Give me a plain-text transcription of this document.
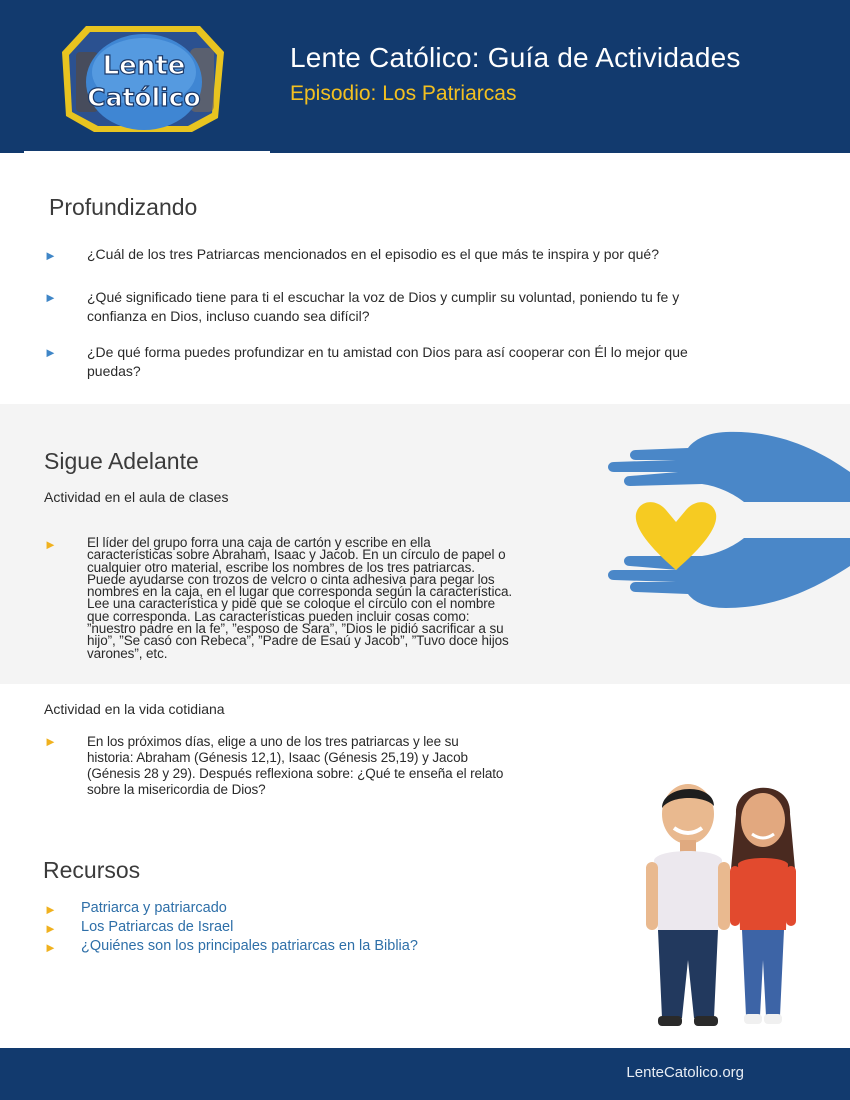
Lente
Católico
Lente Católico: Guía de Actividades
Episodio: Los Patriarcas
Profundizando
► ¿Cuál de los tres Patriarcas mencionados en el episodio es el que más te inspira y por qué?
► ¿Qué significado tiene para ti el escuchar la voz de Dios y cumplir su voluntad, poniendo tu fe y
confianza en Dios, incluso cuando sea difícil?
► ¿De qué forma puedes profundizar en tu amistad con Dios para así cooperar con Él lo mejor que
puedas?
Sigue Adelante
Actividad en el aula de clases
► El líder del grupo forra una caja de cartón y escribe en ella
características sobre Abraham, Isaac y Jacob. En un círculo de papel o
cualquier otro material, escribe los nombres de los tres patriarcas.
Puede ayudarse con trozos de velcro o cinta adhesiva para pegar los
nombres en la caja, en el lugar que corresponda según la característica.
Lee una característica y pide que se coloque el círculo con el nombre
que corresponda. Las características pueden incluir cosas como:
”nuestro padre en la fe”, ”esposo de Sara”, ”Dios le pidió sacrificar a su
hijo”, ”Se casó con Rebeca”, ”Padre de Esaú y Jacob”, ”Tuvo doce hijos
varones”, etc.
Actividad en la vida cotidiana
► En los próximos días, elige a uno de los tres patriarcas y lee su
historia: Abraham (Génesis 12,1), Isaac (Génesis 25,19) y Jacob
(Génesis 28 y 29). Después reflexiona sobre: ¿Qué te enseña el relato
sobre la misericordia de Dios?
Recursos
► Patriarca y patriarcado
► Los Patriarcas de Israel
► ¿Quiénes son los principales patriarcas en la Biblia?
LenteCatolico.org
